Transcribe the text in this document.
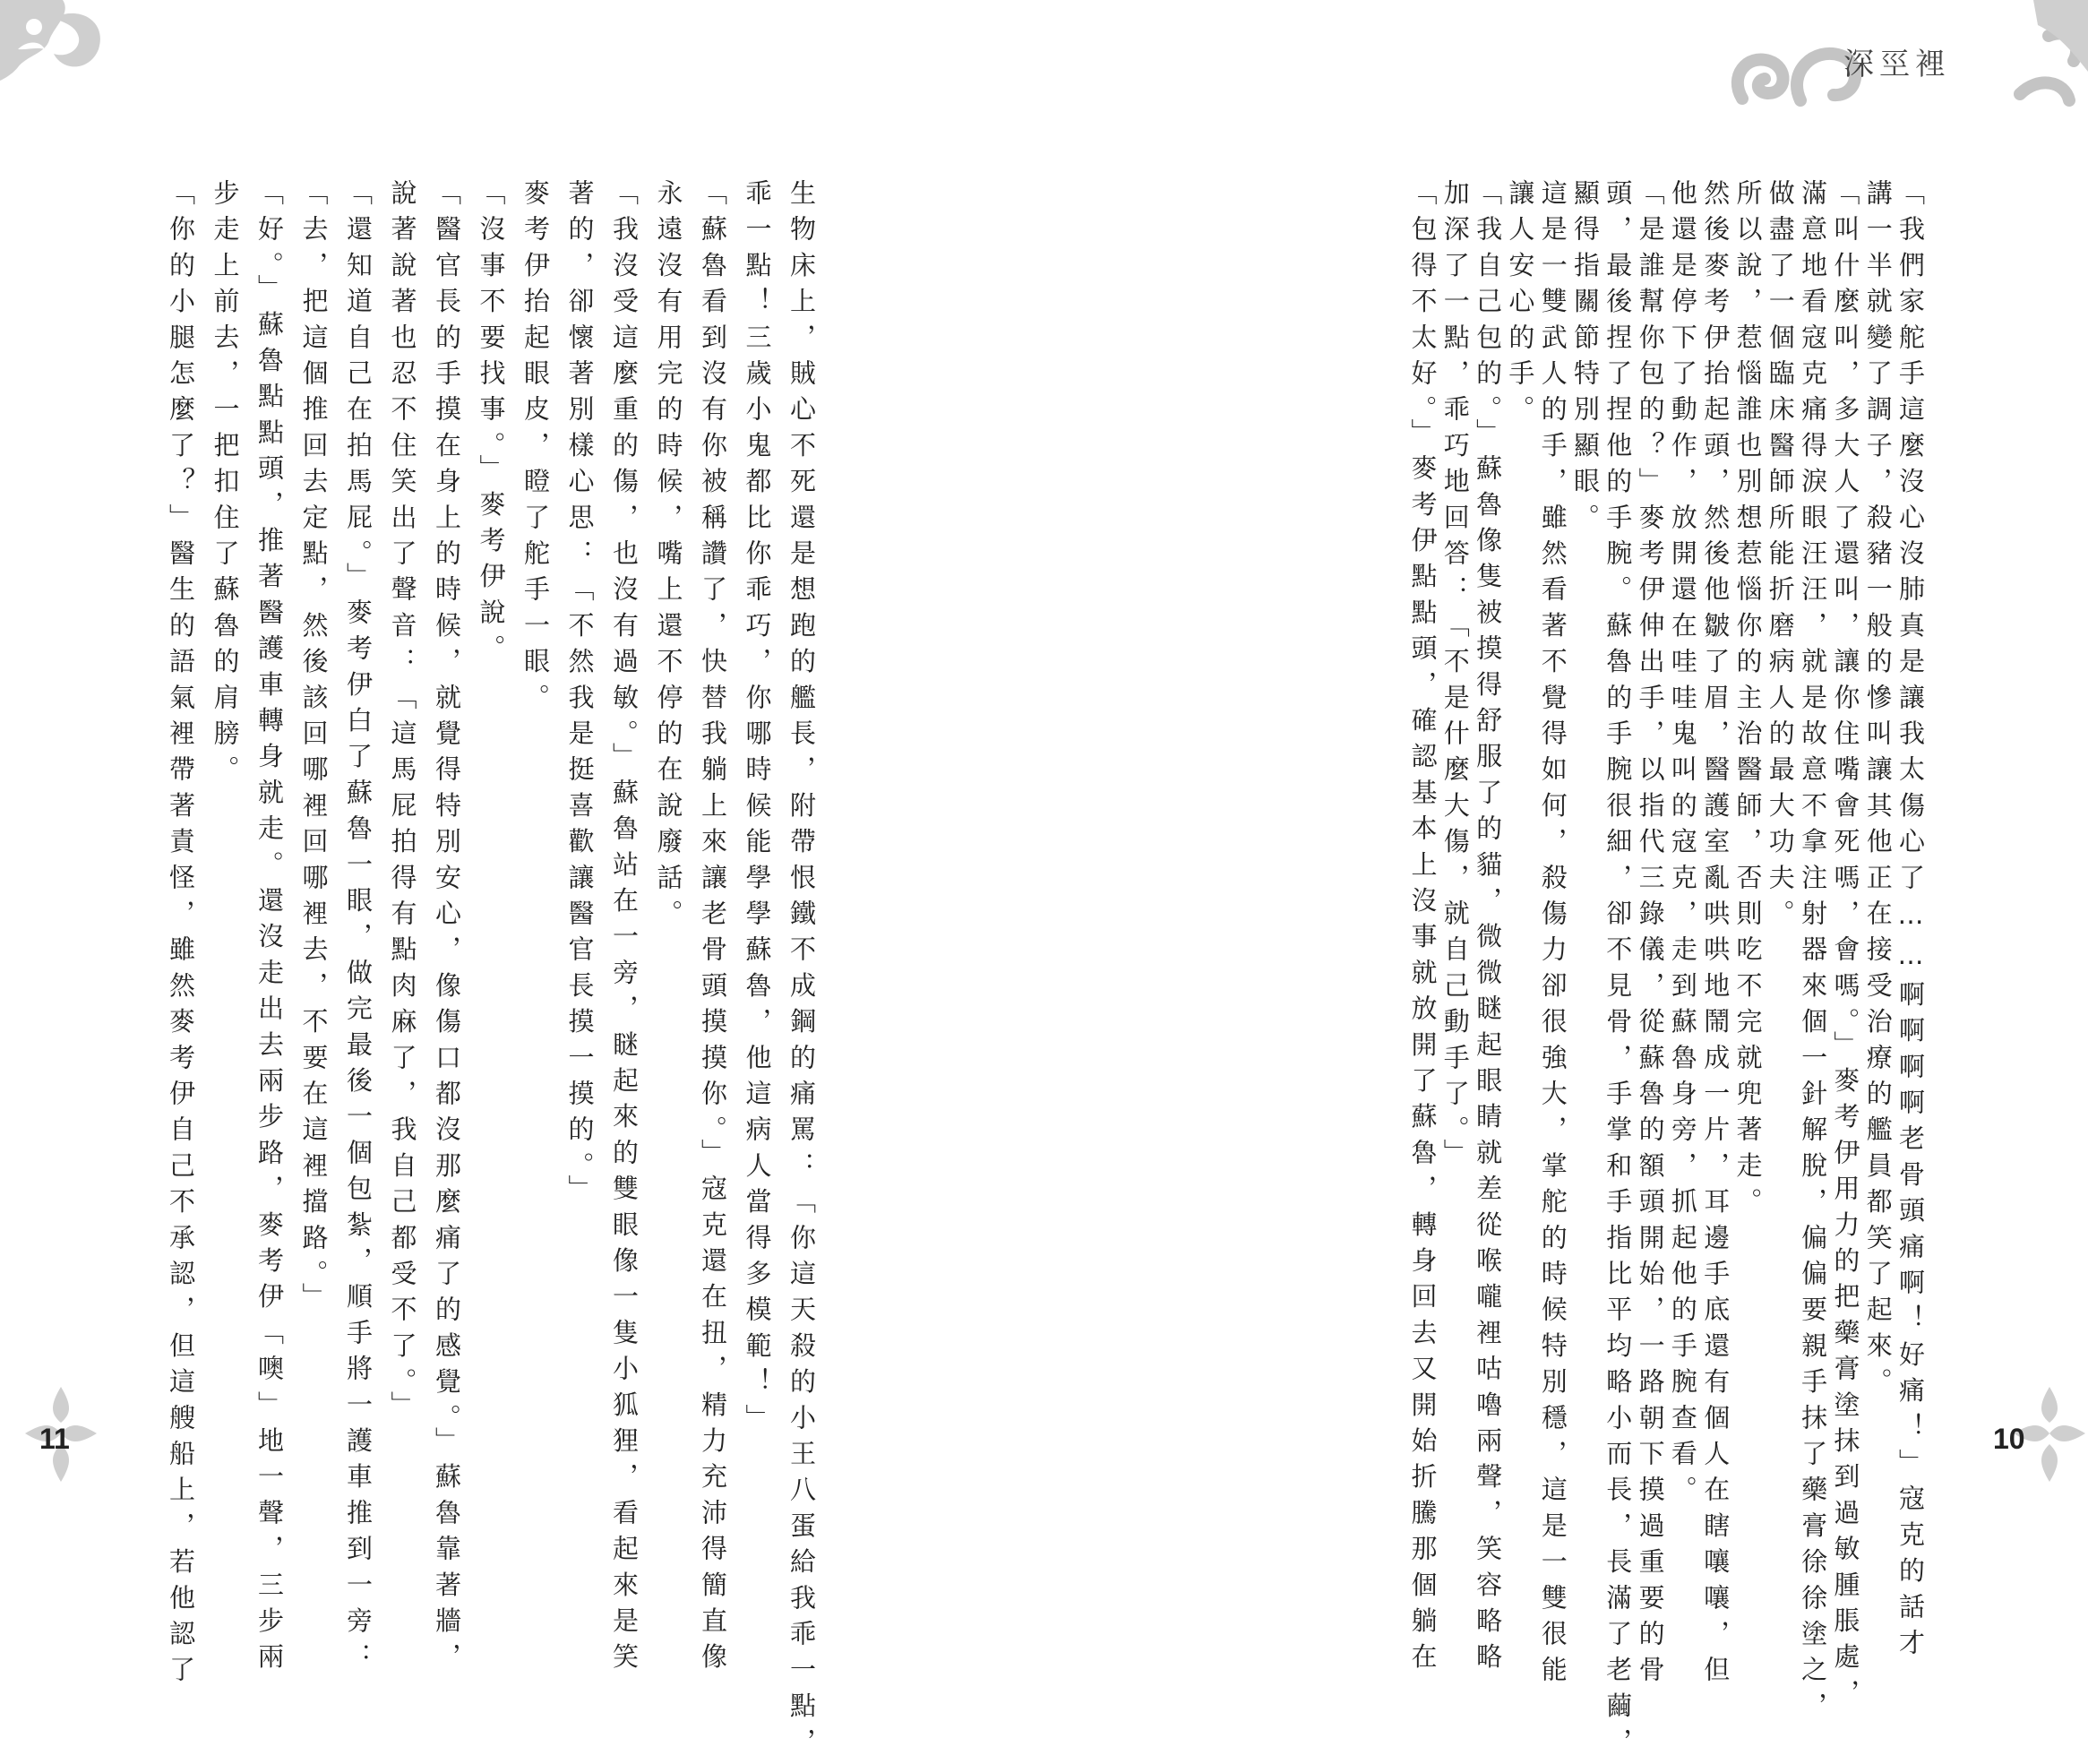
深巠裡
生物床上，賊心不死還是想跑的艦長，附帶恨鐵不成鋼的痛罵：「你這天殺的小王八蛋給我乖一點，
乖一點！三歲小鬼都比你乖巧，你哪時候能學學蘇魯，他這病人當得多模範！」
「蘇魯看到沒有你被稱讚了，快替我躺上來讓老骨頭摸摸你。」寇克還在扭，精力充沛得簡直像
永遠沒有用完的時候，嘴上還不停的在說廢話。
「我沒受這麼重的傷，也沒有過敏。」蘇魯站在一旁，瞇起來的雙眼像一隻小狐狸，看起來是笑
著的，卻懷著別樣心思：「不然我是挺喜歡讓醫官長摸一摸的。」
麥考伊抬起眼皮，瞪了舵手一眼。
「沒事不要找事。」麥考伊說。
「醫官長的手摸在身上的時候，就覺得特別安心，像傷口都沒那麼痛了的感覺。」蘇魯靠著牆，
說著說著也忍不住笑出了聲音：「這馬屁拍得有點肉麻了，我自己都受不了。」
「還知道自己在拍馬屁。」麥考伊白了蘇魯一眼，做完最後一個包紮，順手將一護車推到一旁：
「去，把這個推回去定點，然後該回哪裡回哪裡去，不要在這裡擋路。」
「好。」蘇魯點點頭，推著醫護車轉身就走。還沒走出去兩步路，麥考伊「噢」地一聲，三步兩
步走上前去，一把扣住了蘇魯的肩膀。
「你的小腿怎麼了？」醫生的語氣裡帶著責怪，雖然麥考伊自己不承認，但這艘船上，若他認了
11	「我們家舵手這麼沒心沒肺真是讓我太傷心了……啊啊啊啊老骨頭痛啊！好痛！」寇克的話才
講一半就變了調子，殺豬一般的慘叫讓其他正在接受治療的艦員都笑了起來。
「叫什麼叫，多大人了還叫，讓你住嘴會死嗎，會嗎。」麥考伊用力的把藥膏塗抹到過敏腫脹處，
滿意地看寇克痛得淚眼汪汪，就是故意不拿注射器來個一針解脫，偏偏要親手抹了藥膏徐徐塗之，
做盡了一個臨床醫師所能折磨病人的最大功夫。
所以說，惹惱誰也別想惹惱你的主治醫師，否則吃不完就兜著走。
然後麥考伊抬起頭，然後他皺了眉，醫護室亂哄哄地鬧成一片，耳邊手底還有個人在瞎嚷嚷，但
他還是停下了動作，放開還在哇哇鬼叫的寇克，走到蘇魯身旁，抓起他的手腕查看。
「是誰幫你包的？」麥考伊伸出手，以指代三錄儀，從蘇魯的額頭開始，一路朝下摸過重要的骨
頭，最後捏了捏他的手腕。蘇魯的手腕很細，卻不見骨，手掌和手指比平均略小而長，長滿了老繭，
顯得指關節特別顯眼。
這是一雙武人的手，雖然看著不覺得如何，殺傷力卻很強大，掌舵的時候特別穩，這是一雙很能
讓人安心的手。
「我自己包的。」蘇魯像隻被摸得舒服了的貓，微微瞇起眼睛就差從喉嚨裡咕嚕兩聲，笑容略略
加深了一點，乖巧地回答：「不是什麼大傷，就自己動手了。」
「包得不太好。」麥考伊點點頭，確認基本上沒事就放開了蘇魯，轉身回去又開始折騰那個躺在	10
